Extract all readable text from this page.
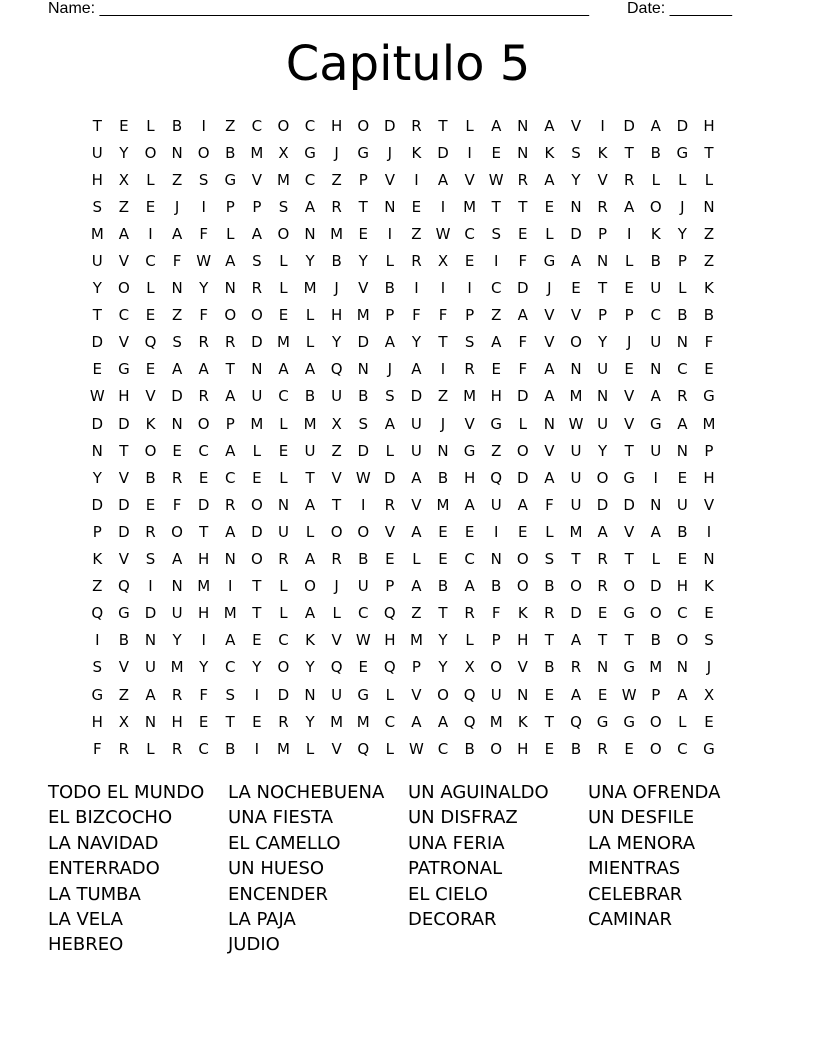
Name: _______________________________________________________

Date: _______

Capitulo 5
T	E	L	B	I	Z	C	O	C	H	O D	R	T	L	A	N	A	V	I	D	A	D	H
U	Y	O	N	O	B M X	G	J	G	J	K	D	I	E	N	K	S	K	T	B	G	T
H	X	L	Z	S	G	V M C	Z	P	V	I	A	V W R	A	Y	V	R	L	L	L
S	Z	E	J	I	P	P	S	A	R	T	N	E	I	M	T	T	E	N	R	A	O	J	N
M A	I	A	F	L	A	O	N M	E	I	Z W C	S	E	L	D	P	I	K	Y	Z
U	V	C	F W A	S	L	Y	B	Y	L	R	X	E	I	F	G	A	N	L	B	P	Z
Y	O	L	N	Y	N	R	L	M	J	V	B	I	I	I	C	D	J	E	T	E	U	L	K
T	C	E	Z	F	O O	E	L	H M	P	F	F	P	Z	A	V	V	P	P	C	B	B
D	V	Q	S	R	R	D M	L	Y	D	A	Y	T	S	A	F	V	O	Y	J	U	N	F
E	G	E	A	A	T	N	A	A	Q	N	J	A	I	R	E	F	A	N	U	E	N	C	E
W H	V	D	R	A	U	C	B	U	B	S	D	Z M H	D	A M N	V	A	R	G
D	D	K	N	O	P	M	L	M X	S	A	U	J	V	G	L	N W U	V	G	A M
N	T	O	E	C	A	L	E	U	Z	D	L	U	N	G	Z	O	V	U	Y	T	U	N	P
Y	V	B	R	E	C	E	L	T	V W D	A	B	H	Q D	A	U	O G	I	E	H
D	D	E	F	D	R	O	N	A	T	I	R	V M A	U	A	F	U	D	D	N	U	V
P	D	R	O	T	A	D	U	L	O O	V	A	E	E	I	E	L	M A	V	A	B	I
K	V	S	A	H	N	O	R	A	R	B	E	L	E	C	N	O	S	T	R	T	L	E	N
Z	Q	I	N M	I	T	L	O	J	U	P	A	B	A	B	O	B	O	R	O D	H	K
Q G	D	U	H M	T	L	A	L	C	Q	Z	T	R	F	K	R	D	E	G O	C	E
I	B	N	Y	I	A	E	C	K	V W H M	Y	L	P	H	T	A	T	T	B	O	S
S	V	U M	Y	C	Y	O	Y	Q	E	Q	P	Y	X	O	V	B	R	N	G M N	J
G	Z	A	R	F	S	I	D	N	U	G	L	V	O Q	U	N	E	A	E W P	A	X
H	X	N	H	E	T	E	R	Y	M M C	A	A	Q M	K	T	Q G G O	L	E
F	R	L	R	C	B	I	M	L	V	Q	L	W C	B	O	H	E	B	R	E	O	C	G
TODO EL MUNDO
EL BIZCOCHO
LA NAVIDAD
ENTERRADO
LA TUMBA
LA VELA
HEBREO
LA NOCHEBUENA
UNA FIESTA
EL CAMELLO
UN HUESO
ENCENDER
LA PAJA
JUDIO
UN AGUINALDO
UN DISFRAZ
UNA FERIA
PATRONAL
EL CIELO
DECORAR
UNA OFRENDA
UN DESFILE
LA MENORA
MIENTRAS
CELEBRAR
CAMINAR
